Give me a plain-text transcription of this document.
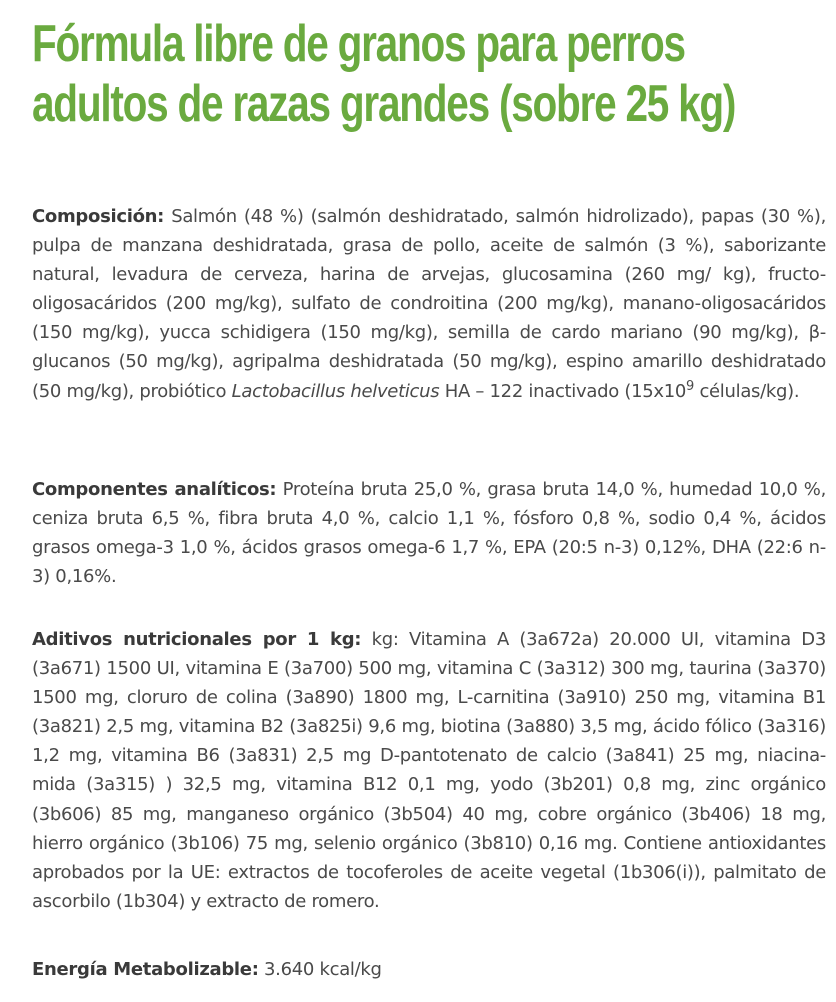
Fórmula libre de granos para perros
adultos de razas grandes (sobre 25 kg)

Composición: Salmón (48 %) (salmón deshidratado, salmón hidrolizado), papas (30 %), pulpa de manzana deshidratada, grasa de pollo, aceite de salmón (3 %), saborizante natural, levadura de cerveza, harina de arvejas, glucosamina (260 mg/ kg), fructo-oligosacáridos (200 mg/kg), sulfato de condroitina (200 mg/kg), manano-oligosacáridos (150 mg/kg), yucca schidigera (150 mg/kg), semilla de cardo mariano (90 mg/kg), β- glucanos (50 mg/kg), agripalma deshidratada (50 mg/kg), espino amarillo deshidratado (50 mg/kg), probiótico Lactobacillus helveticus HA – 122 inactivado ($15x10^9$ células/kg).

Componentes analíticos: Proteína bruta 25,0 %, grasa bruta 14,0 %, humedad 10,0 %, ceniza bruta 6,5 %, fibra bruta 4,0 %, calcio 1,1 %, fósforo 0,8 %, sodio 0,4 %, ácidos grasos omega-3 1,0 %, ácidos grasos omega-6 1,7 %, EPA (20:5 n-3) 0,12%, DHA (22:6 n-3) 0,16%.

Aditivos nutricionales por 1 kg: kg: Vitamina A (3a672a) 20.000 UI, vitamina D3 (3a671) 1500 UI, vitamina E (3a700) 500 mg, vitamina C (3a312) 300 mg, taurina (3a370) 1500 mg, cloruro de colina (3a890) 1800 mg, L-carnitina (3a910) 250 mg, vitamina B1 (3a821) 2,5 mg, vitamina B2 (3a825i) 9,6 mg, biotina (3a880) 3,5 mg, ácido fólico (3a316) 1,2 mg, vitamina B6 (3a831) 2,5 mg D-pantotenato de calcio (3a841) 25 mg, niacina- mida (3a315) ) 32,5 mg, vitamina B12 0,1 mg, yodo (3b201) 0,8 mg, zinc orgánico (3b606) 85 mg, manganeso orgánico (3b504) 40 mg, cobre orgánico (3b406) 18 mg, hierro orgánico (3b106) 75 mg, selenio orgánico (3b810) 0,16 mg. Contiene antioxidantes aprobados por la UE: extractos de tocoferoles de aceite vegetal (1b306(i)), palmitato de ascorbilo (1b304) y extracto de romero.

Energía Metabolizable: 3.640 kcal/kg
